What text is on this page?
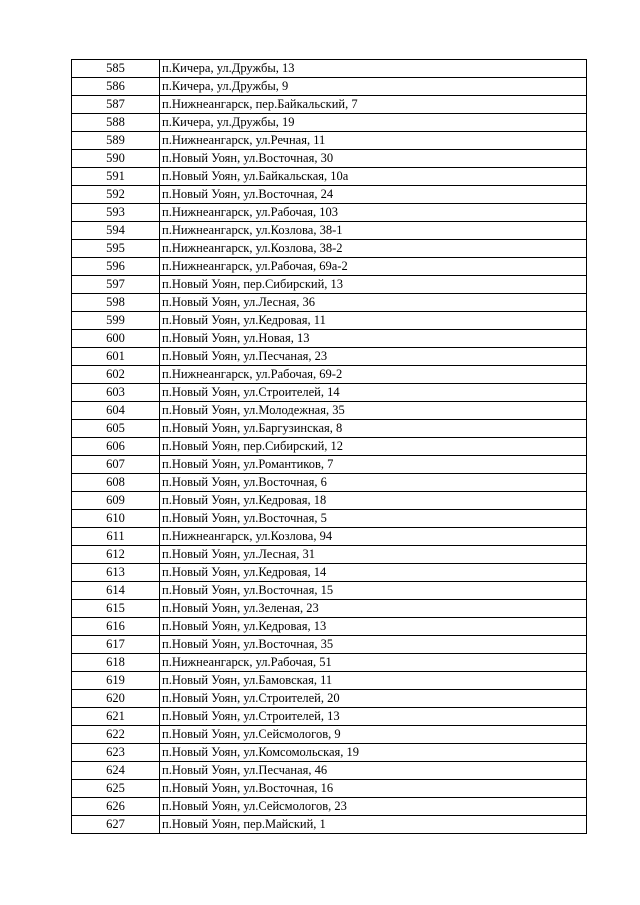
585	п.Кичера, ул.Дружбы, 13
586	п.Кичера, ул.Дружбы, 9
587	п.Нижнеангарск, пер.Байкальский, 7
588	п.Кичера, ул.Дружбы, 19
589	п.Нижнеангарск, ул.Речная, 11
590	п.Новый Уоян, ул.Восточная, 30
591	п.Новый Уоян, ул.Байкальская, 10а
592	п.Новый Уоян, ул.Восточная, 24
593	п.Нижнеангарск, ул.Рабочая, 103
594	п.Нижнеангарск, ул.Козлова, 38-1
595	п.Нижнеангарск, ул.Козлова, 38-2
596	п.Нижнеангарск, ул.Рабочая, 69а-2
597	п.Новый Уоян, пер.Сибирский, 13
598	п.Новый Уоян, ул.Лесная, 36
599	п.Новый Уоян, ул.Кедровая, 11
600	п.Новый Уоян, ул.Новая, 13
601	п.Новый Уоян, ул.Песчаная, 23
602	п.Нижнеангарск, ул.Рабочая, 69-2
603	п.Новый Уоян, ул.Строителей, 14
604	п.Новый Уоян, ул.Молодежная, 35
605	п.Новый Уоян, ул.Баргузинская, 8
606	п.Новый Уоян, пер.Сибирский, 12
607	п.Новый Уоян, ул.Романтиков, 7
608	п.Новый Уоян, ул.Восточная, 6
609	п.Новый Уоян, ул.Кедровая, 18
610	п.Новый Уоян, ул.Восточная, 5
611	п.Нижнеангарск, ул.Козлова, 94
612	п.Новый Уоян, ул.Лесная, 31
613	п.Новый Уоян, ул.Кедровая, 14
614	п.Новый Уоян, ул.Восточная, 15
615	п.Новый Уоян, ул.Зеленая, 23
616	п.Новый Уоян, ул.Кедровая, 13
617	п.Новый Уоян, ул.Восточная, 35
618	п.Нижнеангарск, ул.Рабочая, 51
619	п.Новый Уоян, ул.Бамовская, 11
620	п.Новый Уоян, ул.Строителей, 20
621	п.Новый Уоян, ул.Строителей, 13
622	п.Новый Уоян, ул.Сейсмологов, 9
623	п.Новый Уоян, ул.Комсомольская, 19
624	п.Новый Уоян, ул.Песчаная, 46
625	п.Новый Уоян, ул.Восточная, 16
626	п.Новый Уоян, ул.Сейсмологов, 23
627	п.Новый Уоян, пер.Майский, 1
